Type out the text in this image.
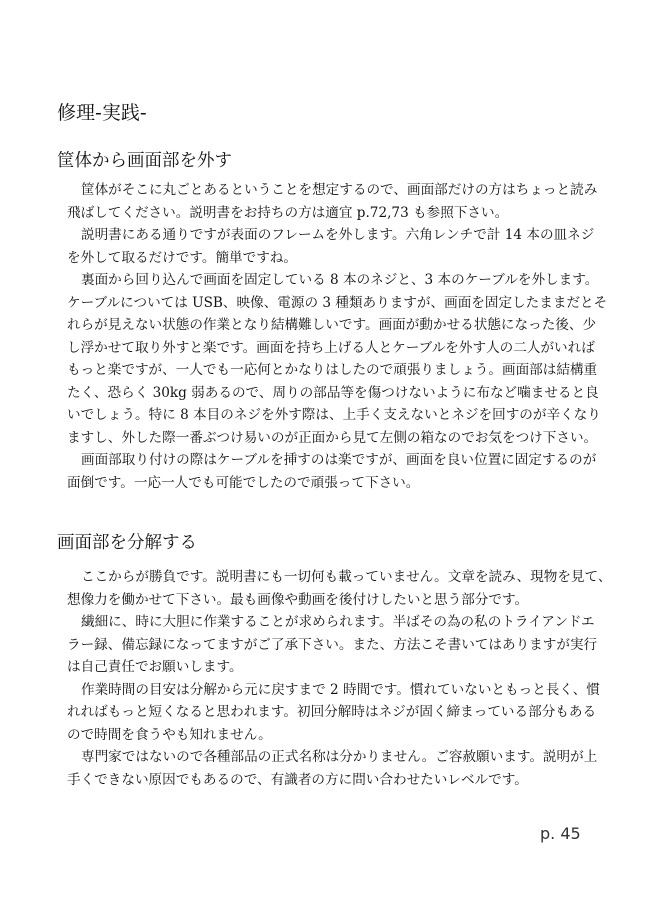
修理-実践-
筐体から画面部を外す
筐体がそこに丸ごとあるということを想定するので、画面部だけの方はちょっと読み
飛ばしてください。説明書をお持ちの方は適宜 p.72,73 も参照下さい。
説明書にある通りですが表面のフレームを外します。六角レンチで計 14 本の皿ネジ
を外して取るだけです。簡単ですね。
裏面から回り込んで画面を固定している 8 本のネジと、3 本のケーブルを外します。
ケーブルについては USB、映像、電源の 3 種類ありますが、画面を固定したままだとそ
れらが見えない状態の作業となり結構難しいです。画面が動かせる状態になった後、少
し浮かせて取り外すと楽です。画面を持ち上げる人とケーブルを外す人の二人がいれば
もっと楽ですが、一人でも一応何とかなりはしたので頑張りましょう。画面部は結構重
たく、恐らく 30kg 弱あるので、周りの部品等を傷つけないように布など噛ませると良
いでしょう。特に 8 本目のネジを外す際は、上手く支えないとネジを回すのが辛くなり
ますし、外した際一番ぶつけ易いのが正面から見て左側の箱なのでお気をつけ下さい。
画面部取り付けの際はケーブルを挿すのは楽ですが、画面を良い位置に固定するのが
面倒です。一応一人でも可能でしたので頑張って下さい。
画面部を分解する
ここからが勝負です。説明書にも一切何も載っていません。文章を読み、現物を見て、
想像力を働かせて下さい。最も画像や動画を後付けしたいと思う部分です。
繊細に、時に大胆に作業することが求められます。半ばその為の私のトライアンドエ
ラー録、備忘録になってますがご了承下さい。また、方法こそ書いてはありますが実行
は自己責任でお願いします。
作業時間の目安は分解から元に戻すまで 2 時間です。慣れていないともっと長く、慣
れればもっと短くなると思われます。初回分解時はネジが固く締まっている部分もある
ので時間を食うやも知れません。
専門家ではないので各種部品の正式名称は分かりません。ご容赦願います。説明が上
手くできない原因でもあるので、有識者の方に問い合わせたいレベルです。
p. 45
